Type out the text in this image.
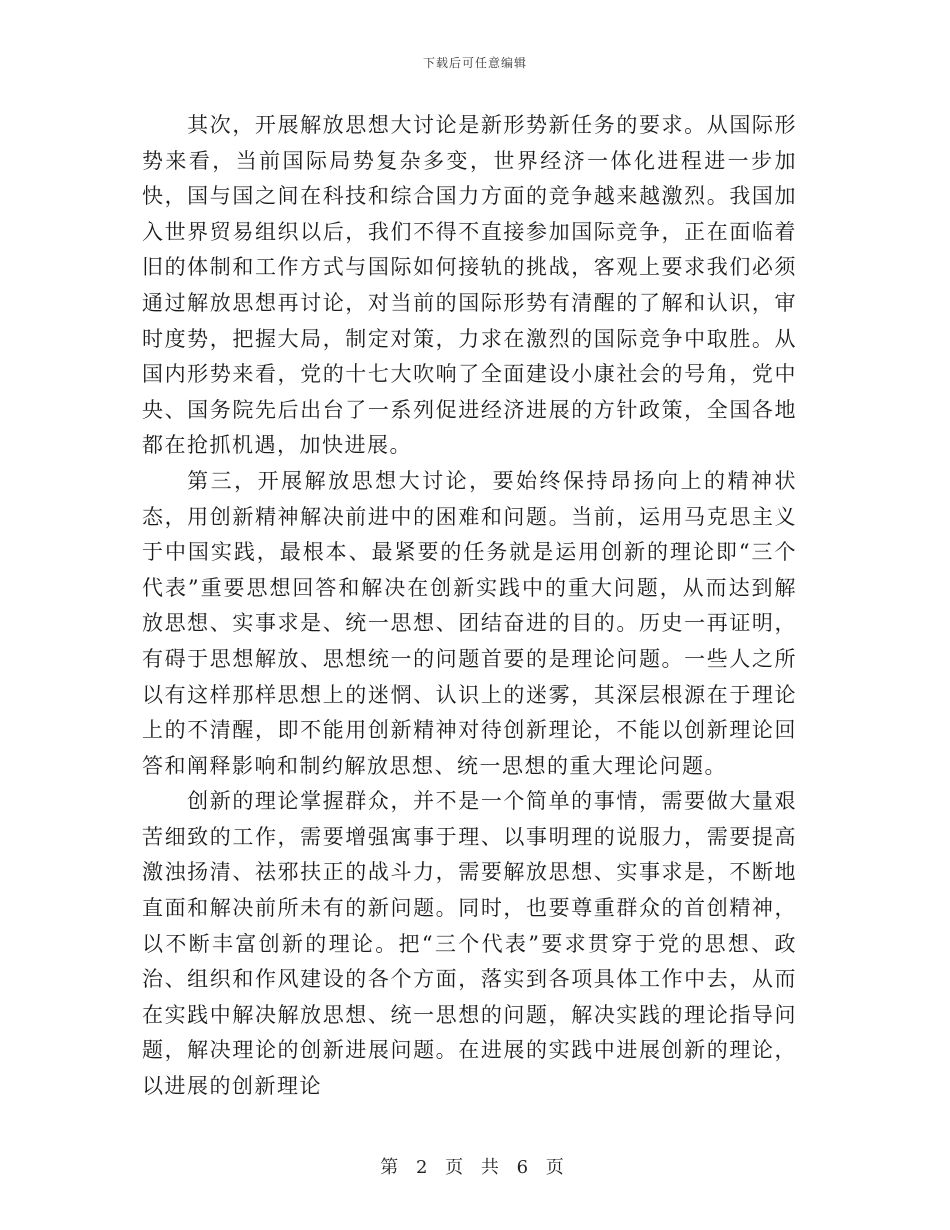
下载后可任意编辑

其次，开展解放思想大讨论是新形势新任务的要求。从国际形势来看，当前国际局势复杂多变，世界经济一体化进程进一步加快，国与国之间在科技和综合国力方面的竞争越来越激烈。我国加入世界贸易组织以后，我们不得不直接参加国际竞争，正在面临着旧的体制和工作方式与国际如何接轨的挑战，客观上要求我们必须通过解放思想再讨论，对当前的国际形势有清醒的了解和认识，审时度势，把握大局，制定对策，力求在激烈的国际竞争中取胜。从国内形势来看，党的十七大吹响了全面建设小康社会的号角，党中央、国务院先后出台了一系列促进经济进展的方针政策，全国各地都在抢抓机遇，加快进展。

第三，开展解放思想大讨论，要始终保持昂扬向上的精神状态，用创新精神解决前进中的困难和问题。当前，运用马克思主义于中国实践，最根本、最紧要的任务就是运用创新的理论即“三个代表”重要思想回答和解决在创新实践中的重大问题，从而达到解放思想、实事求是、统一思想、团结奋进的目的。历史一再证明，有碍于思想解放、思想统一的问题首要的是理论问题。一些人之所以有这样那样思想上的迷惘、认识上的迷雾，其深层根源在于理论上的不清醒，即不能用创新精神对待创新理论，不能以创新理论回答和阐释影响和制约解放思想、统一思想的重大理论问题。

创新的理论掌握群众，并不是一个简单的事情，需要做大量艰苦细致的工作，需要增强寓事于理、以事明理的说服力，需要提高激浊扬清、祛邪扶正的战斗力，需要解放思想、实事求是，不断地直面和解决前所未有的新问题。同时，也要尊重群众的首创精神，以不断丰富创新的理论。把“三个代表”要求贯穿于党的思想、政治、组织和作风建设的各个方面，落实到各项具体工作中去，从而在实践中解决解放思想、统一思想的问题，解决实践的理论指导问题，解决理论的创新进展问题。在进展的实践中进展创新的理论，以进展的创新理论

第 2 页 共 6 页
